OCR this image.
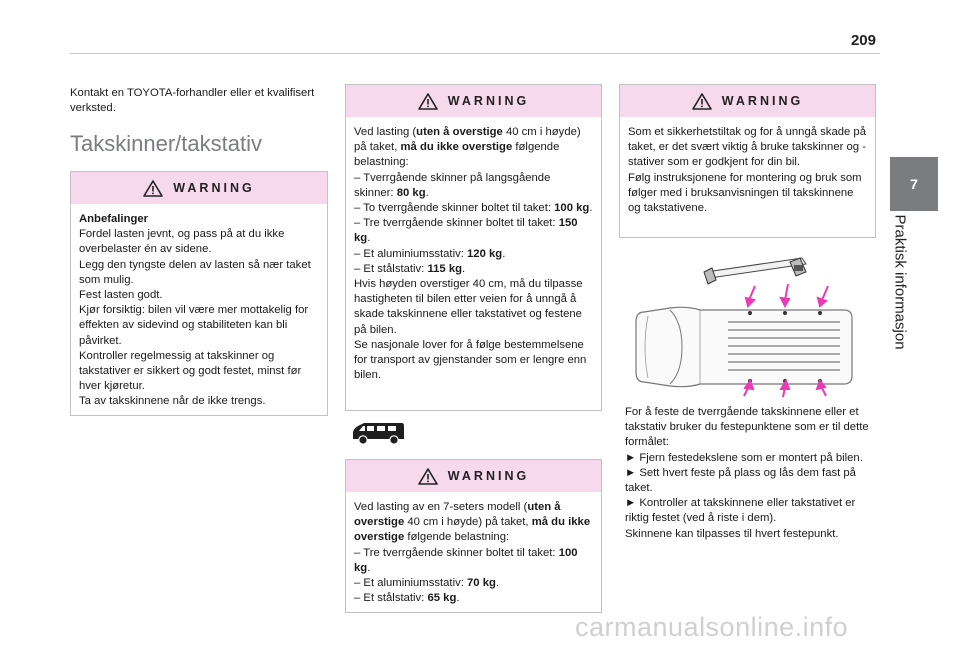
209
7
Praktisk informasjon
Kontakt en TOYOTA-forhandler eller et kvalifisert verksted.
Takskinner/takstativ
WARNING

Anbefalinger

Fordel lasten jevnt, og pass på at du ikke overbelaster én av sidene.

Legg den tyngste delen av lasten så nær taket som mulig.

Fest lasten godt.

Kjør forsiktig: bilen vil være mer mottakelig for effekten av sidevind og stabiliteten kan bli påvirket.

Kontroller regelmessig at takskinner og takstativer er sikkert og godt festet, minst før hver kjøretur.

Ta av takskinnene når de ikke trengs.

WARNING

Ved lasting (uten å overstige 40 cm i høyde) på taket, må du ikke overstige følgende belastning:

– Tverrgående skinner på langsgående skinner: 80 kg.

– To tverrgående skinner boltet til taket: 100 kg.

– Tre tverrgående skinner boltet til taket: 150 kg.

– Et aluminiumsstativ: 120 kg.

– Et stålstativ: 115 kg.

Hvis høyden overstiger 40 cm, må du tilpasse hastigheten til bilen etter veien for å unngå å skade takskinnene eller takstativet og festene på bilen.

Se nasjonale lover for å følge bestemmelsene for transport av gjenstander som er lengre enn bilen.

WARNING

Ved lasting av en 7-seters modell (uten å overstige 40 cm i høyde) på taket, må du ikke overstige følgende belastning:

– Tre tverrgående skinner boltet til taket: 100 kg.

– Et aluminiumsstativ: 70 kg.

– Et stålstativ: 65 kg.

WARNING

Som et sikkerhetstiltak og for å unngå skade på taket, er det svært viktig å bruke takskinner og -stativer som er godkjent for din bil.

Følg instruksjonene for montering og bruk som følger med i bruksanvisningen til takskinnene og takstativene.

For å feste de tverrgående takskinnene eller et takstativ bruker du festepunktene som er til dette formålet:

► Fjern festedekslene som er montert på bilen.

► Sett hvert feste på plass og lås dem fast på taket.

► Kontroller at takskinnene eller takstativet er riktig festet (ved å riste i dem).

Skinnene kan tilpasses til hvert festepunkt.

carmanualsonline.info
